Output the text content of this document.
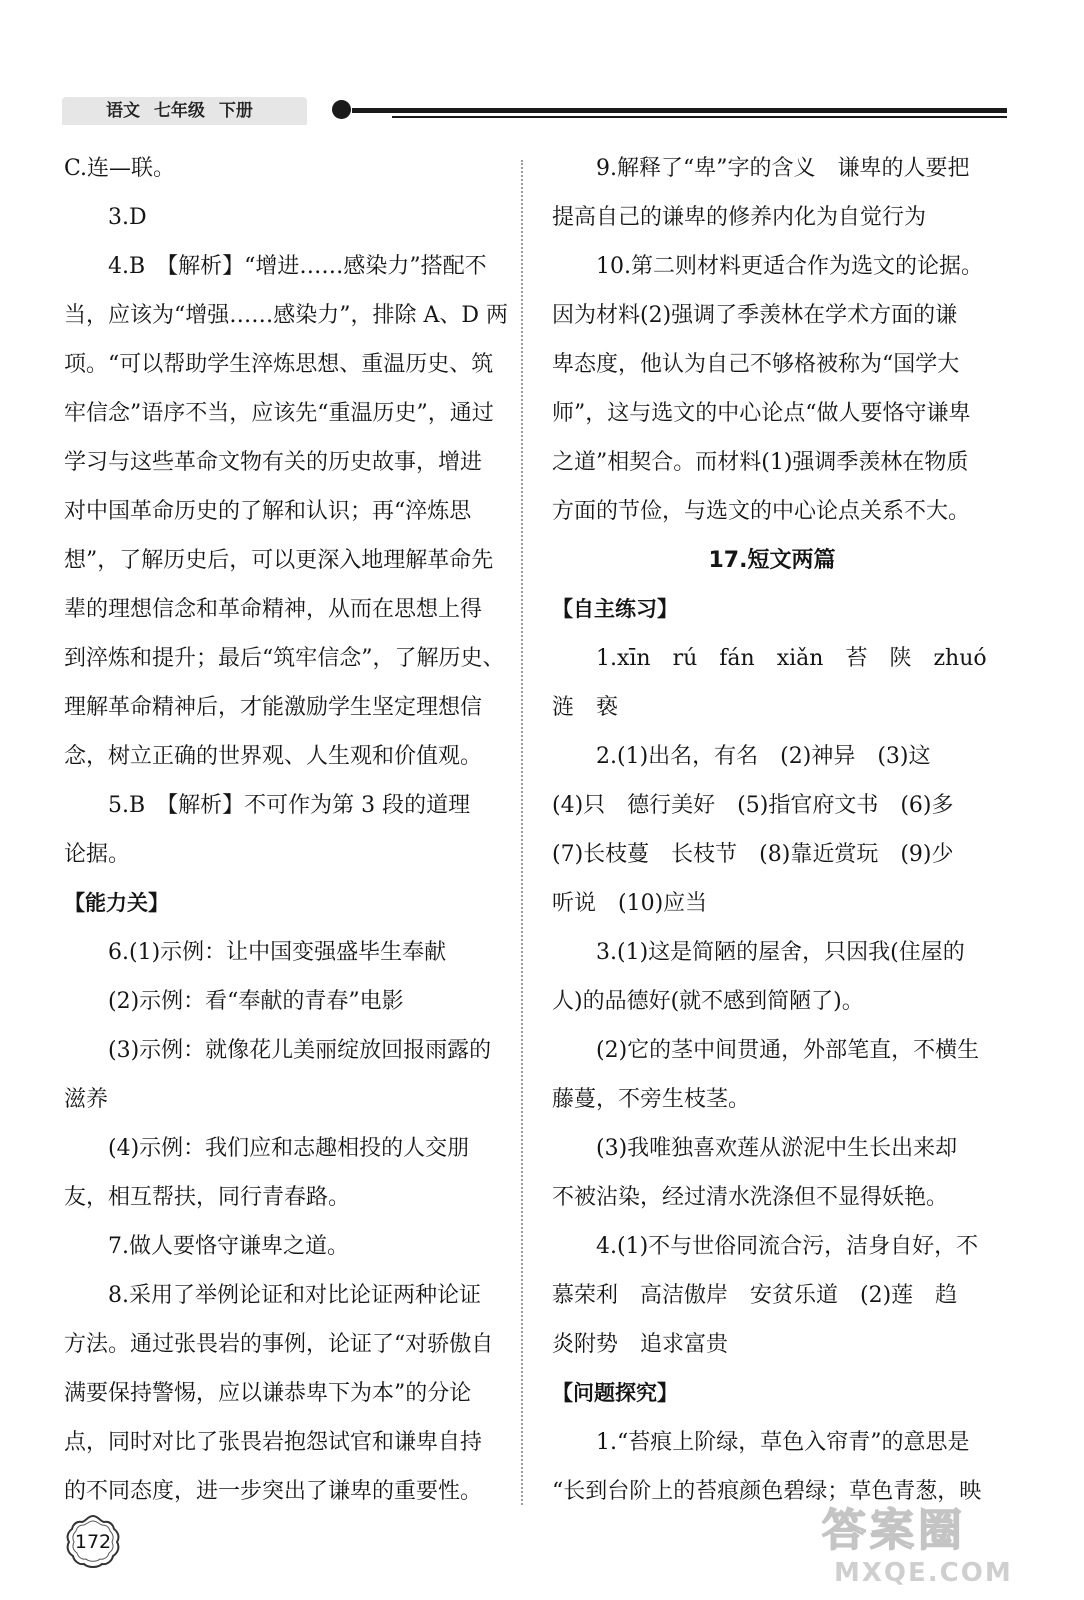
语文 七年级 下册
C.连—联。
3.D
4.B　【解析】“增进……感染力”搭配不
当，应该为“增强……感染力”，排除 A、D 两
项。“可以帮助学生淬炼思想、重温历史、筑
牢信念”语序不当，应该先“重温历史”，通过
学习与这些革命文物有关的历史故事，增进
对中国革命历史的了解和认识；再“淬炼思
想”，了解历史后，可以更深入地理解革命先
辈的理想信念和革命精神，从而在思想上得
到淬炼和提升；最后“筑牢信念”，了解历史、
理解革命精神后，才能激励学生坚定理想信
念，树立正确的世界观、人生观和价值观。
5.B　【解析】不可作为第 3 段的道理
论据。
【能力关】
6.(1)示例：让中国变强盛毕生奉献
(2)示例：看“奉献的青春”电影
(3)示例：就像花儿美丽绽放回报雨露的
滋养
(4)示例：我们应和志趣相投的人交朋
友，相互帮扶，同行青春路。
7.做人要恪守谦卑之道。
8.采用了举例论证和对比论证两种论证
方法。通过张畏岩的事例，论证了“对骄傲自
满要保持警惕，应以谦恭卑下为本”的分论
点，同时对比了张畏岩抱怨试官和谦卑自持
的不同态度，进一步突出了谦卑的重要性。
9.解释了“卑”字的含义　谦卑的人要把
提高自己的谦卑的修养内化为自觉行为
10.第二则材料更适合作为选文的论据。
因为材料(2)强调了季羡林在学术方面的谦
卑态度，他认为自己不够格被称为“国学大
师”，这与选文的中心论点“做人要恪守谦卑
之道”相契合。而材料(1)强调季羡林在物质
方面的节俭，与选文的中心论点关系不大。
17.短文两篇
【自主练习】
1.xīn　rú　fán　xiǎn　苔　陕　zhuó
涟　亵
2.(1)出名，有名　(2)神异　(3)这
(4)只　德行美好　(5)指官府文书　(6)多
(7)长枝蔓　长枝节　(8)靠近赏玩　(9)少
听说　(10)应当
3.(1)这是简陋的屋舍，只因我(住屋的
人)的品德好(就不感到简陋了)。
(2)它的茎中间贯通，外部笔直，不横生
藤蔓，不旁生枝茎。
(3)我唯独喜欢莲从淤泥中生长出来却
不被沾染，经过清水洗涤但不显得妖艳。
4.(1)不与世俗同流合污，洁身自好，不
慕荣利　高洁傲岸　安贫乐道　(2)莲　趋
炎附势　追求富贵
【问题探究】
1.“苔痕上阶绿，草色入帘青”的意思是
“长到台阶上的苔痕颜色碧绿；草色青葱，映
172	答案圈
MXQE.COM
